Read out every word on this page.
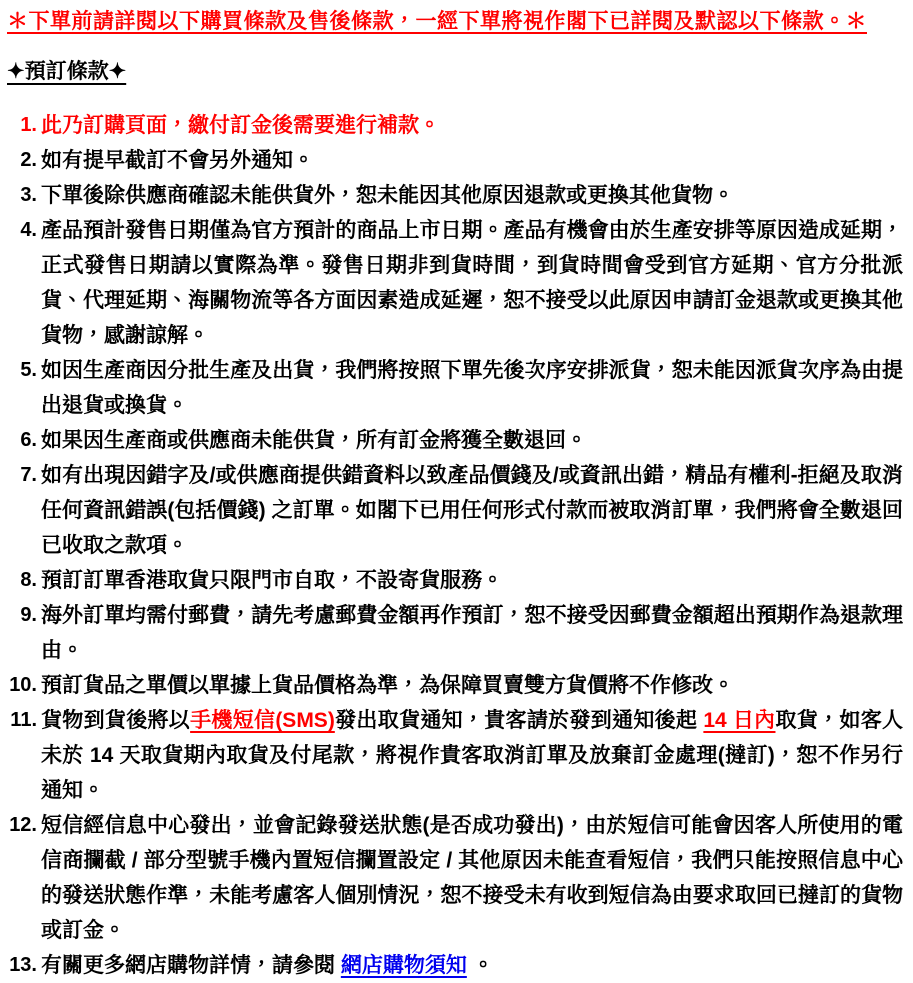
＊下單前請詳閱以下購買條款及售後條款，一經下單將視作閣下已詳閱及默認以下條款。＊

✦預訂條款✦
1. 此乃訂購頁面，繳付訂金後需要進行補款。
2. 如有提早截訂不會另外通知。
3. 下單後除供應商確認未能供貨外，恕未能因其他原因退款或更換其他貨物。
4. 產品預計發售日期僅為官方預計的商品上市日期。產品有機會由於生產安排等原因造成延期，正式發售日期請以實際為準。發售日期非到貨時間，到貨時間會受到官方延期、官方分批派貨、代理延期、海關物流等各方面因素造成延遲，恕不接受以此原因申請訂金退款或更換其他貨物，感謝諒解。
5. 如因生產商因分批生產及出貨，我們將按照下單先後次序安排派貨，恕未能因派貨次序為由提出退貨或換貨。
6. 如果因生產商或供應商未能供貨，所有訂金將獲全數退回。
7. 如有出現因錯字及/或供應商提供錯資料以致產品價錢及/或資訊出錯，精品有權利-拒絕及取消任何資訊錯誤(包括價錢) 之訂單。如閣下已用任何形式付款而被取消訂單，我們將會全數退回已收取之款項。
8. 預訂訂單香港取貨只限門市自取，不設寄貨服務。
9. 海外訂單均需付郵費，請先考慮郵費金額再作預訂，恕不接受因郵費金額超出預期作為退款理由。
10. 預訂貨品之單價以單據上貨品價格為準，為保障買賣雙方貨價將不作修改。
11. 貨物到貨後將以手機短信(SMS)發出取貨通知，貴客請於發到通知後起 14 日內取貨，如客人未於 14 天取貨期內取貨及付尾款，將視作貴客取消訂單及放棄訂金處理(撻訂)，恕不作另行通知。
12. 短信經信息中心發出，並會記錄發送狀態(是否成功發出)，由於短信可能會因客人所使用的電信商攔截 / 部分型號手機內置短信攔置設定 / 其他原因未能查看短信，我們只能按照信息中心的發送狀態作準，未能考慮客人個別情況，恕不接受未有收到短信為由要求取回已撻訂的貨物或訂金。
13. 有關更多網店購物詳情，請參閱 網店購物須知 。
